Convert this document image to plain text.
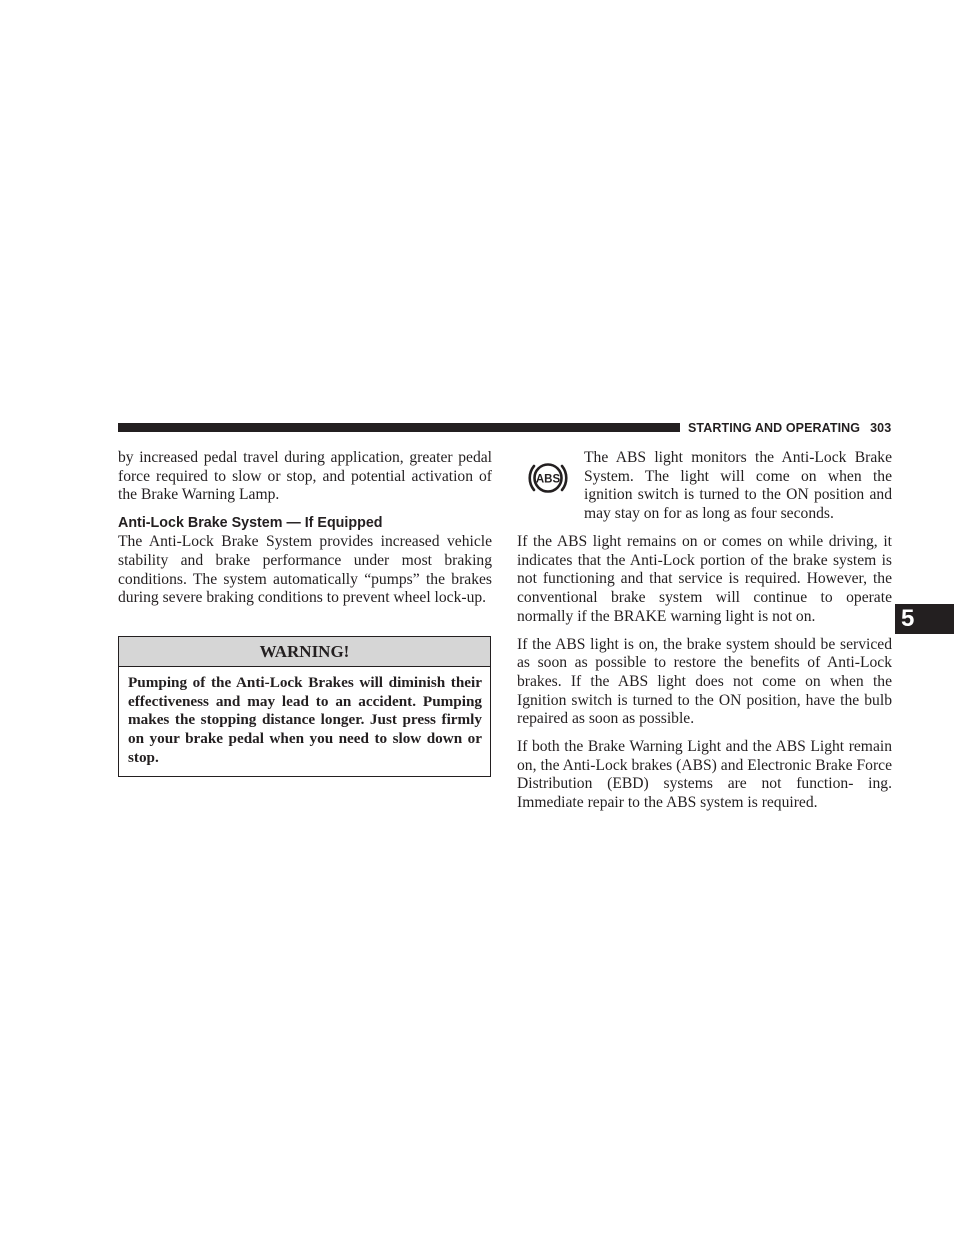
STARTING AND OPERATING 303

by increased pedal travel during application, greater pedal force required to slow or stop, and potential activation of the Brake Warning Lamp.

Anti-Lock Brake System — If Equipped

The Anti-Lock Brake System provides increased vehicle stability and brake performance under most braking conditions. The system automatically “pumps” the brakes during severe braking conditions to prevent wheel lock-up.

WARNING!
Pumping of the Anti-Lock Brakes will diminish their effectiveness and may lead to an accident. Pumping makes the stopping distance longer. Just press firmly on your brake pedal when you need to slow down or stop.
ABS

The ABS light monitors the Anti-Lock Brake System. The light will come on when the ignition switch is turned to the ON position and may stay on for as long as four seconds.

If the ABS light remains on or comes on while driving, it indicates that the Anti-Lock portion of the brake system is not functioning and that service is required. However, the conventional brake system will continue to operate normally if the BRAKE warning light is not on.

If the ABS light is on, the brake system should be serviced as soon as possible to restore the benefits of Anti-Lock brakes. If the ABS light does not come on when the Ignition switch is turned to the ON position, have the bulb repaired as soon as possible.

If both the Brake Warning Light and the ABS Light remain on, the Anti-Lock brakes (ABS) and Electronic Brake Force Distribution (EBD) systems are not function- ing. Immediate repair to the ABS system is required.

5
